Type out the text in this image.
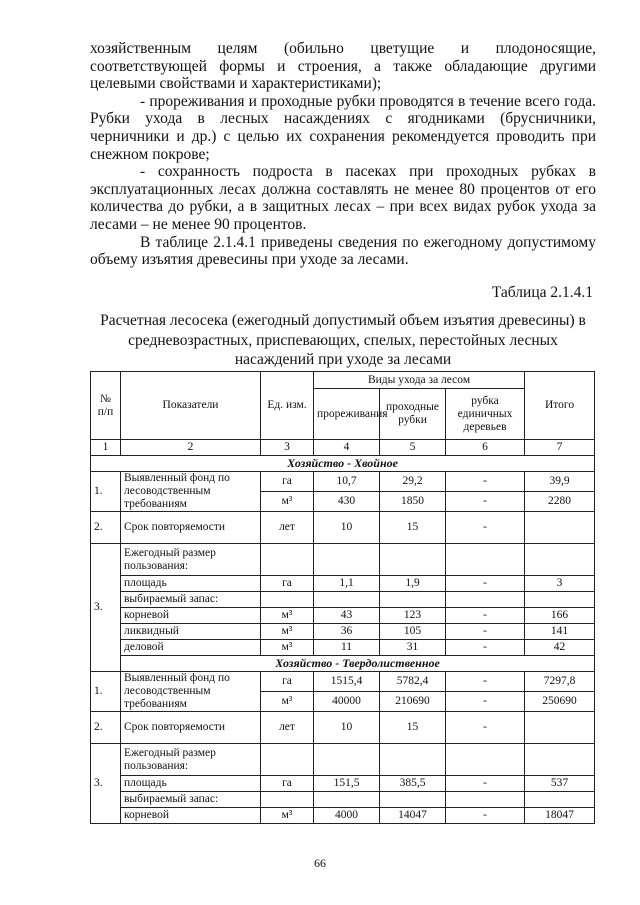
хозяйственным целям (обильно цветущие и плодоносящие, соответствующей формы и строения, а также обладающие другими целевыми свойствами и характеристиками);

- прореживания и проходные рубки проводятся в течение всего года. Рубки ухода в лесных насаждениях с ягодниками (брусничники, черничники и др.) с целью их сохранения рекомендуется проводить при снежном покрове;

- сохранность подроста в пасеках при проходных рубках в эксплуатационных лесах должна составлять не менее 80 процентов от его количества до рубки, а в защитных лесах – при всех видах рубок ухода за лесами – не менее 90 процентов.

В таблице 2.1.4.1 приведены сведения по ежегодному допустимому объему изъятия древесины при уходе за лесами.

Таблица 2.1.4.1
Расчетная лесосека (ежегодный допустимый объем изъятия древесины) в средневозрастных, приспевающих, спелых, перестойных лесных насаждений при уходе за лесами
№ п/п	Показатели	Ед. изм.	Виды ухода за лесом			Итого
			прореживания	проходные рубки	рубка единичных деревьев	
1	2	3	4	5	6	7
Хозяйство - Хвойное						
1.	Выявленный фонд по лесоводственным требованиям	га	10,7	29,2	-	39,9
		м³	430	1850	-	2280
2.	Срок повторяемости	лет	10	15	-	
3.	Ежегодный размер пользования:					
	площадь	га	1,1	1,9	-	3
	выбираемый запас:					
	корневой	м³	43	123	-	166
	ликвидный	м³	36	105	-	141
	деловой	м³	11	31	-	42
	Хозяйство - Твердолиственное					
1.	Выявленный фонд по лесоводственным требованиям	га	1515,4	5782,4	-	7297,8
		м³	40000	210690	-	250690
2.	Срок повторяемости	лет	10	15	-	
3.	Ежегодный размер пользования:					
	площадь	га	151,5	385,5	-	537
	выбираемый запас:					
	корневой	м³	4000	14047	-	18047
66
